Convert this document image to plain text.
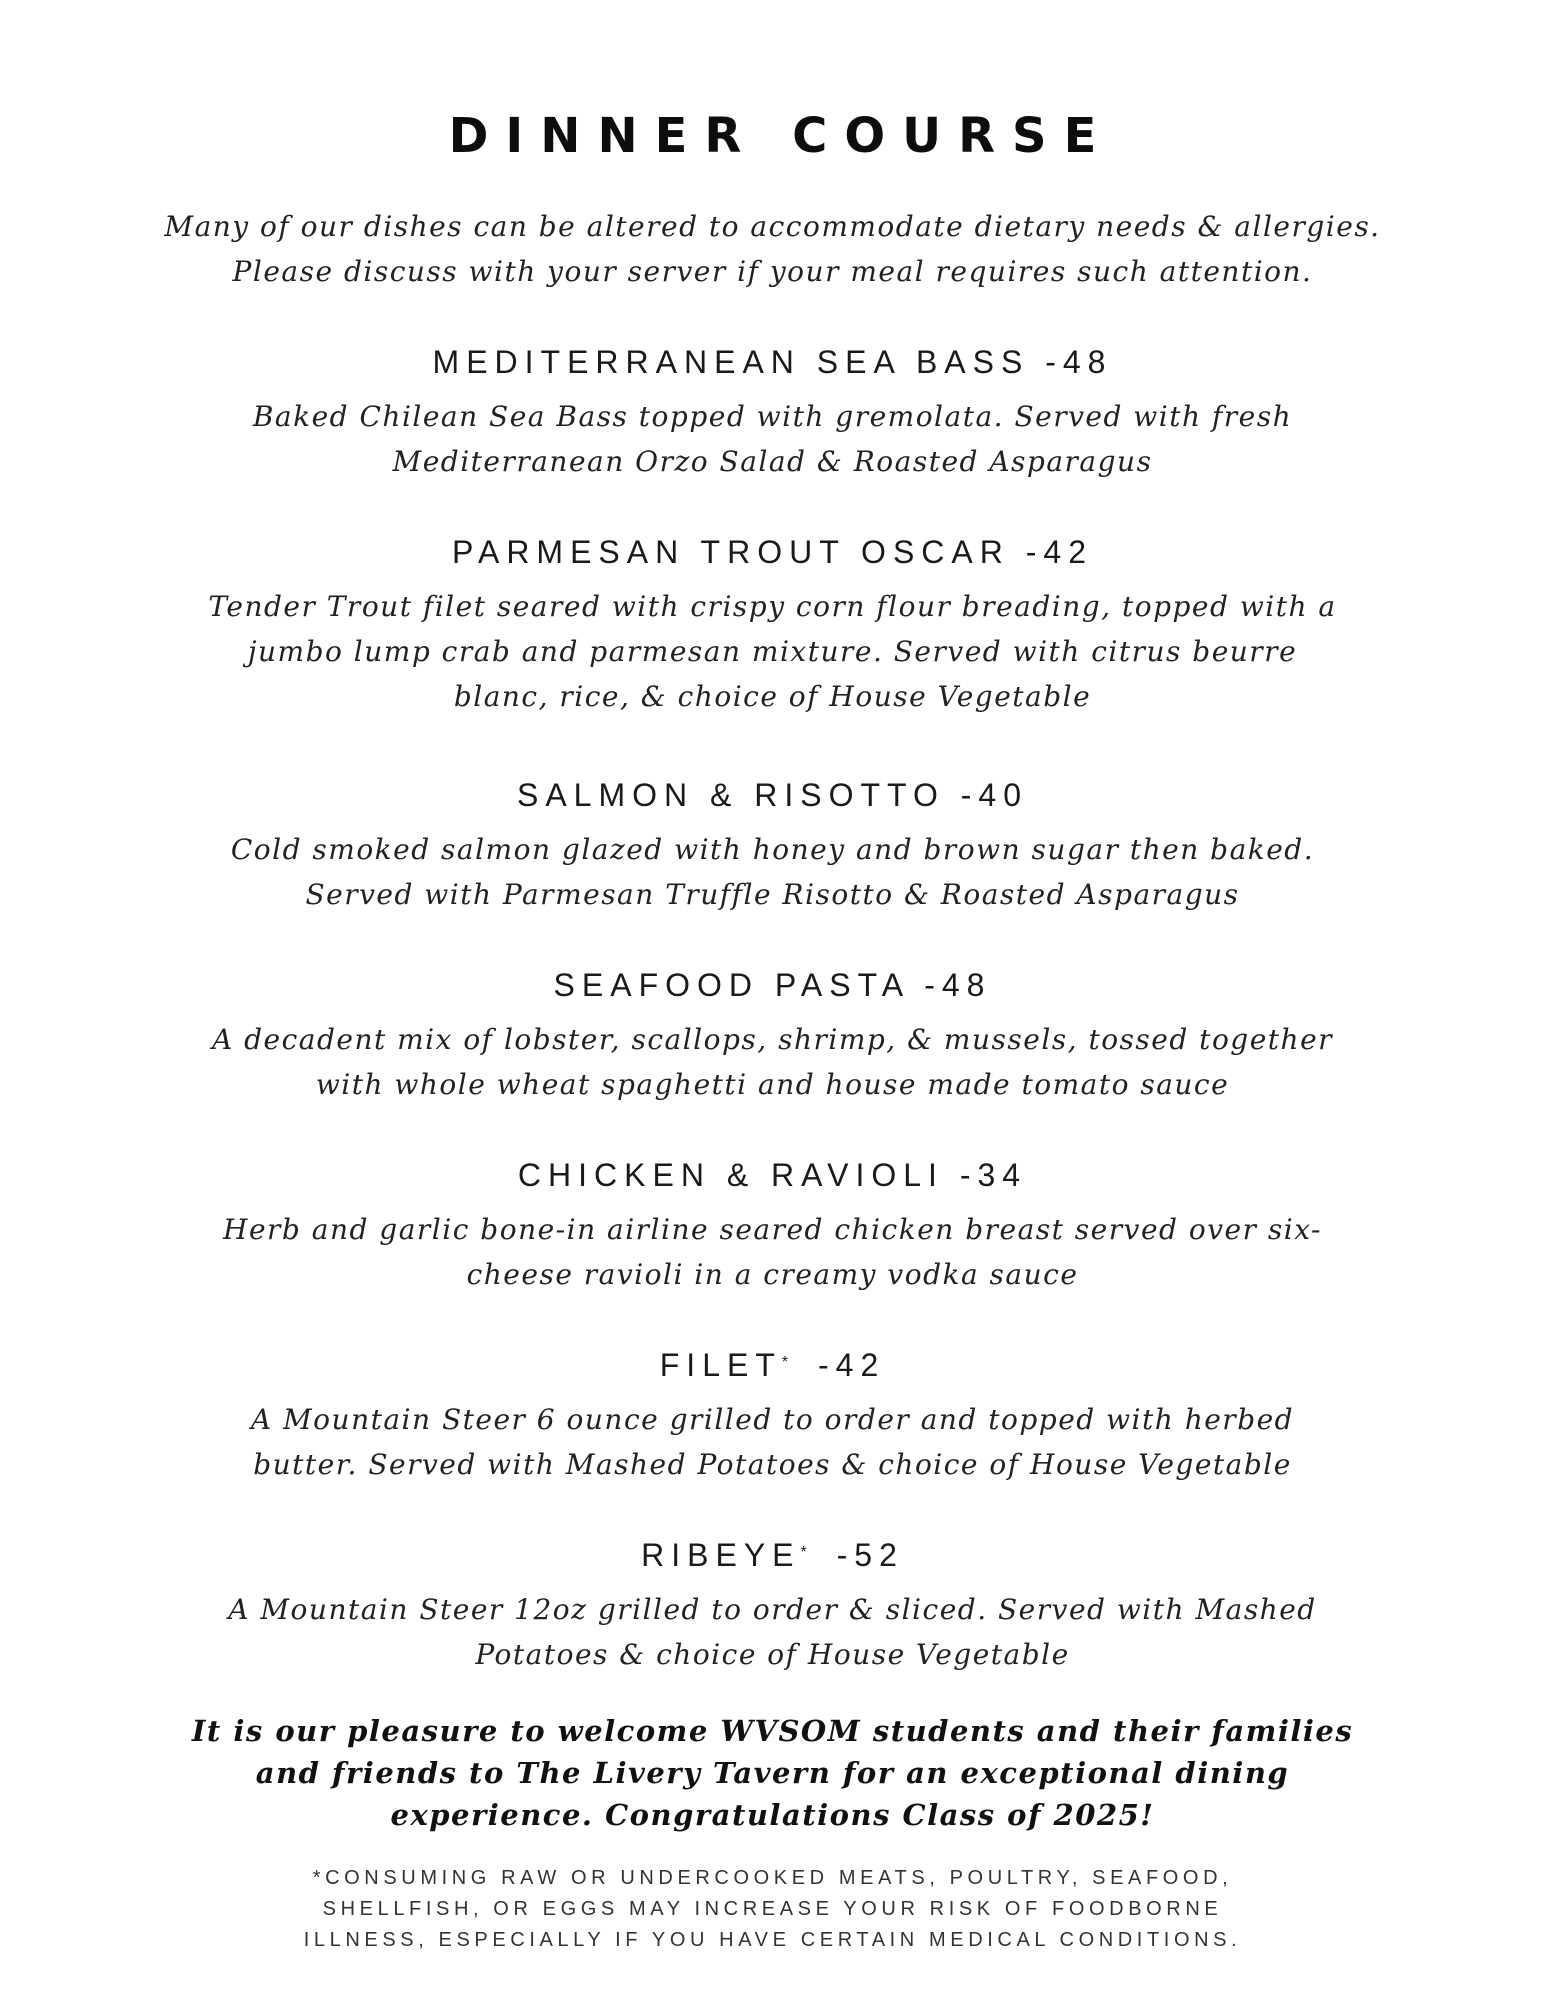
DINNER COURSE
Many of our dishes can be altered to accommodate dietary needs & allergies.
Please discuss with your server if your meal requires such attention.
MEDITERRANEAN SEA BASS -48
Baked Chilean Sea Bass topped with gremolata. Served with fresh
Mediterranean Orzo Salad & Roasted Asparagus
PARMESAN TROUT OSCAR -42
Tender Trout filet seared with crispy corn flour breading, topped with a
jumbo lump crab and parmesan mixture. Served with citrus beurre
blanc, rice, & choice of House Vegetable
SALMON & RISOTTO -40
Cold smoked salmon glazed with honey and brown sugar then baked.
Served with Parmesan Truffle Risotto & Roasted Asparagus
SEAFOOD PASTA -48
A decadent mix of lobster, scallops, shrimp, & mussels, tossed together
with whole wheat spaghetti and house made tomato sauce
CHICKEN & RAVIOLI -34
Herb and garlic bone-in airline seared chicken breast served over six-
cheese ravioli in a creamy vodka sauce
FILET* -42
A Mountain Steer 6 ounce grilled to order and topped with herbed
butter. Served with Mashed Potatoes & choice of House Vegetable
RIBEYE* -52
A Mountain Steer 12oz grilled to order & sliced. Served with Mashed
Potatoes & choice of House Vegetable
It is our pleasure to welcome WVSOM students and their families
and friends to The Livery Tavern for an exceptional dining
experience. Congratulations Class of 2025!
*CONSUMING RAW OR UNDERCOOKED MEATS, POULTRY, SEAFOOD,
SHELLFISH, OR EGGS MAY INCREASE YOUR RISK OF FOODBORNE
ILLNESS, ESPECIALLY IF YOU HAVE CERTAIN MEDICAL CONDITIONS.
